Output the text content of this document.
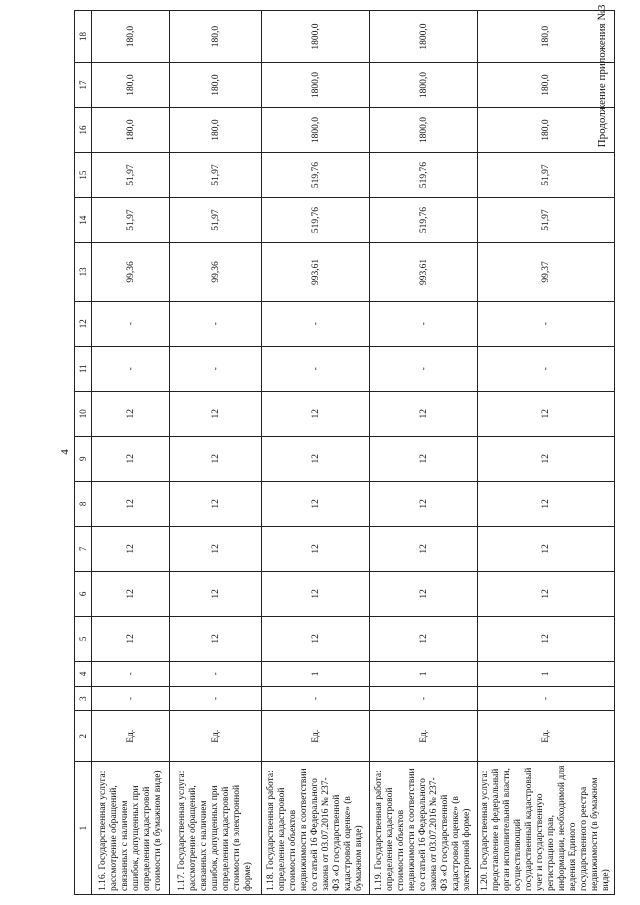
4
Продолжение приложения №3
1	2	3	4	5	6	7	8	9	10	11	12	13	14	15	16	17	18
1.16. Государственная услуга: рассмотрение обращений, связанных с наличием ошибок, допущенных при определении кадастровой стоимости (в бумажном виде)	Ед.	-	-	12	12	12	12	12	12	-	-	99,36	51,97	51,97	180,0	180,0	180,0
1.17. Государственная услуга: рассмотрение обращений, связанных с наличием ошибок, допущенных при определении кадастровой стоимости (в электронной форме)	Ед.	-	-	12	12	12	12	12	12	-	-	99,36	51,97	51,97	180,0	180,0	180,0
1.18. Государственная работа: определение кадастровой стоимости объектов недвижимости в соответствии со статьей 16 Федерального закона от 03.07.2016 № 237-ФЗ «О государственной кадастровой оценке» (в бумажном виде)	Ед.	-	1	12	12	12	12	12	12	-	-	993,61	519,76	519,76	1800,0	1800,0	1800,0
1.19. Государственная работа: определение кадастровой стоимости объектов недвижимости в соответствии со статьей 16 Федерального закона от 03.07.2016 № 237-ФЗ «О государственной кадастровой оценке» (в электронной форме)	Ед.	-	1	12	12	12	12	12	12	-	-	993,61	519,76	519,76	1800,0	1800,0	1800,0
1.20. Государственная услуга: представление в федеральный орган исполнительной власти, осуществляющий государственный кадастровый учет и государственную регистрацию прав, информации, необходимой для ведения Единого государственного реестра недвижимости (в бумажном виде)	Ед.	-	1	12	12	12	12	12	12	-	-	99,37	51,97	51,97	180,0	180,0	180,0
